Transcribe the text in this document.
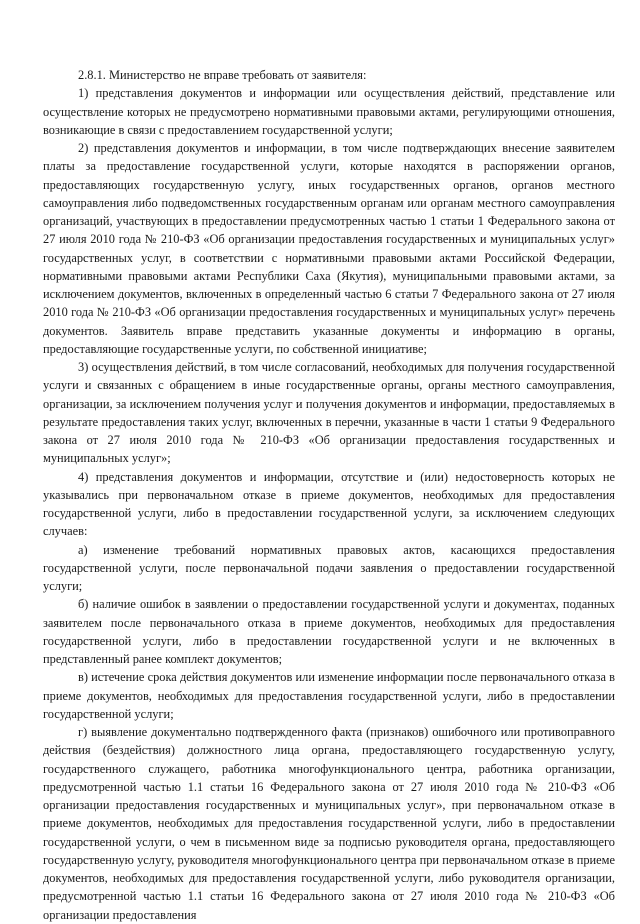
2.8.1. Министерство не вправе требовать от заявителя:

1) представления документов и информации или осуществления действий, представление или осуществление которых не предусмотрено нормативными правовыми актами, регулирующими отношения, возникающие в связи с предоставлением государственной услуги;

2) представления документов и информации, в том числе подтверждающих внесение заявителем платы за предоставление государственной услуги, которые находятся в распоряжении органов, предоставляющих государственную услугу, иных государственных органов, органов местного самоуправления либо подведомственных государственным органам или органам местного самоуправления организаций, участвующих в предоставлении предусмотренных частью 1 статьи 1 Федерального закона от 27 июля 2010 года № 210-ФЗ «Об организации предоставления государственных и муниципальных услуг» государственных услуг, в соответствии с нормативными правовыми актами Российской Федерации, нормативными правовыми актами Республики Саха (Якутия), муниципальными правовыми актами, за исключением документов, включенных в определенный частью 6 статьи 7 Федерального закона от 27 июля 2010 года № 210-ФЗ «Об организации предоставления государственных и муниципальных услуг» перечень документов. Заявитель вправе представить указанные документы и информацию в органы, предоставляющие государственные услуги, по собственной инициативе;

3) осуществления действий, в том числе согласований, необходимых для получения государственной услуги и связанных с обращением в иные государственные органы, органы местного самоуправления, организации, за исключением получения услуг и получения документов и информации, предоставляемых в результате предоставления таких услуг, включенных в перечни, указанные в части 1 статьи 9 Федерального закона от 27 июля 2010 года № 210-ФЗ «Об организации предоставления государственных и муниципальных услуг»;

4) представления документов и информации, отсутствие и (или) недостоверность которых не указывались при первоначальном отказе в приеме документов, необходимых для предоставления государственной услуги, либо в предоставлении государственной услуги, за исключением следующих случаев:

а) изменение требований нормативных правовых актов, касающихся предоставления государственной услуги, после первоначальной подачи заявления о предоставлении государственной услуги;

б) наличие ошибок в заявлении о предоставлении государственной услуги и документах, поданных заявителем после первоначального отказа в приеме документов, необходимых для предоставления государственной услуги, либо в предоставлении государственной услуги и не включенных в представленный ранее комплект документов;

в) истечение срока действия документов или изменение информации после первоначального отказа в приеме документов, необходимых для предоставления государственной услуги, либо в предоставлении государственной услуги;

г) выявление документально подтвержденного факта (признаков) ошибочного или противоправного действия (бездействия) должностного лица органа, предоставляющего государственную услугу, государственного служащего, работника многофункционального центра, работника организации, предусмотренной частью 1.1 статьи 16 Федерального закона от 27 июля 2010 года № 210-ФЗ «Об организации предоставления государственных и муниципальных услуг», при первоначальном отказе в приеме документов, необходимых для предоставления государственной услуги, либо в предоставлении государственной услуги, о чем в письменном виде за подписью руководителя органа, предоставляющего государственную услугу, руководителя многофункционального центра при первоначальном отказе в приеме документов, необходимых для предоставления государственной услуги, либо руководителя организации, предусмотренной частью 1.1 статьи 16 Федерального закона от 27 июля 2010 года № 210-ФЗ «Об организации предоставления
